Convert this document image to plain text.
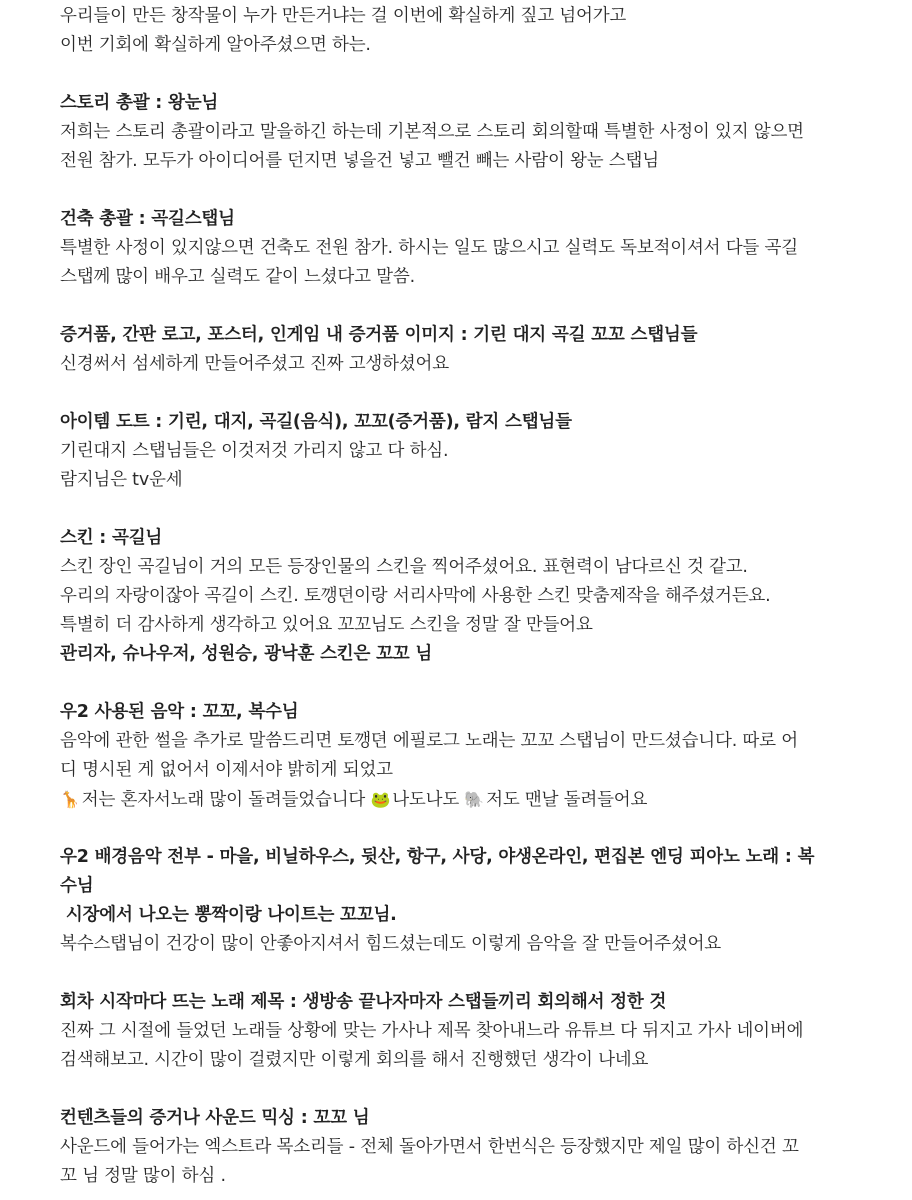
우리들이 만든 창작물이 누가 만든거냐는 걸 이번에 확실하게 짚고 넘어가고
이번 기회에 확실하게 알아주셨으면 하는.
스토리 총괄 : 왕눈님
저희는 스토리 총괄이라고 말을하긴 하는데 기본적으로 스토리 회의할때 특별한 사정이 있지 않으면
전원 참가. 모두가 아이디어를 던지면 넣을건 넣고 뺄건 빼는 사람이 왕눈 스탭님
건축 총괄 : 곡길스탭님
특별한 사정이 있지않으면 건축도 전원 참가. 하시는 일도 많으시고 실력도 독보적이셔서 다들 곡길
스탭께 많이 배우고 실력도 같이 느셨다고 말씀.
증거품, 간판 로고, 포스터, 인게임 내 증거품 이미지 : 기린 대지 곡길 꼬꼬 스탭님들
신경써서 섬세하게 만들어주셨고 진짜 고생하셨어요
아이템 도트 : 기린, 대지, 곡길(음식), 꼬꼬(증거품), 람지 스탭님들
기린대지 스탭님들은 이것저것 가리지 않고 다 하심.
람지님은 tv운세
스킨 : 곡길님
스킨 장인 곡길님이 거의 모든 등장인물의 스킨을 찍어주셨어요. 표현력이 남다르신 것 같고.
우리의 자랑이잖아 곡길이 스킨. 토깽뎐이랑 서리사막에 사용한 스킨 맞춤제작을 해주셨거든요.
특별히 더 감사하게 생각하고 있어요 꼬꼬님도 스킨을 정말 잘 만들어요
관리자, 슈나우저, 성원승, 광낙훈 스킨은 꼬꼬 님
우2 사용된 음악 : 꼬꼬, 복수님
음악에 관한 썰을 추가로 말씀드리면 토깽뎐 에필로그 노래는 꼬꼬 스탭님이 만드셨습니다. 따로 어
디 명시된 게 없어서 이제서야 밝히게 되었고
🦒 저는 혼자서노래 많이 돌려들었습니다 🐸 나도나도 🐘 저도 맨날 돌려들어요
우2 배경음악 전부 - 마을, 비닐하우스, 뒷산, 항구, 사당, 야생온라인, 편집본 엔딩 피아노 노래 : 복
수님
시장에서 나오는 뽕짝이랑 나이트는 꼬꼬님.
복수스탭님이 건강이 많이 안좋아지셔서 힘드셨는데도 이렇게 음악을 잘 만들어주셨어요
회차 시작마다 뜨는 노래 제목 : 생방송 끝나자마자 스탭들끼리 회의해서 정한 것
진짜 그 시절에 들었던 노래들 상황에 맞는 가사나 제목 찾아내느라 유튜브 다 뒤지고 가사 네이버에
검색해보고. 시간이 많이 걸렸지만 이렇게 회의를 해서 진행했던 생각이 나네요
컨텐츠들의 증거나 사운드 믹싱 : 꼬꼬 님
사운드에 들어가는 엑스트라 목소리들 - 전체 돌아가면서 한번식은 등장했지만 제일 많이 하신건 꼬
꼬 님 정말 많이 하심 .
